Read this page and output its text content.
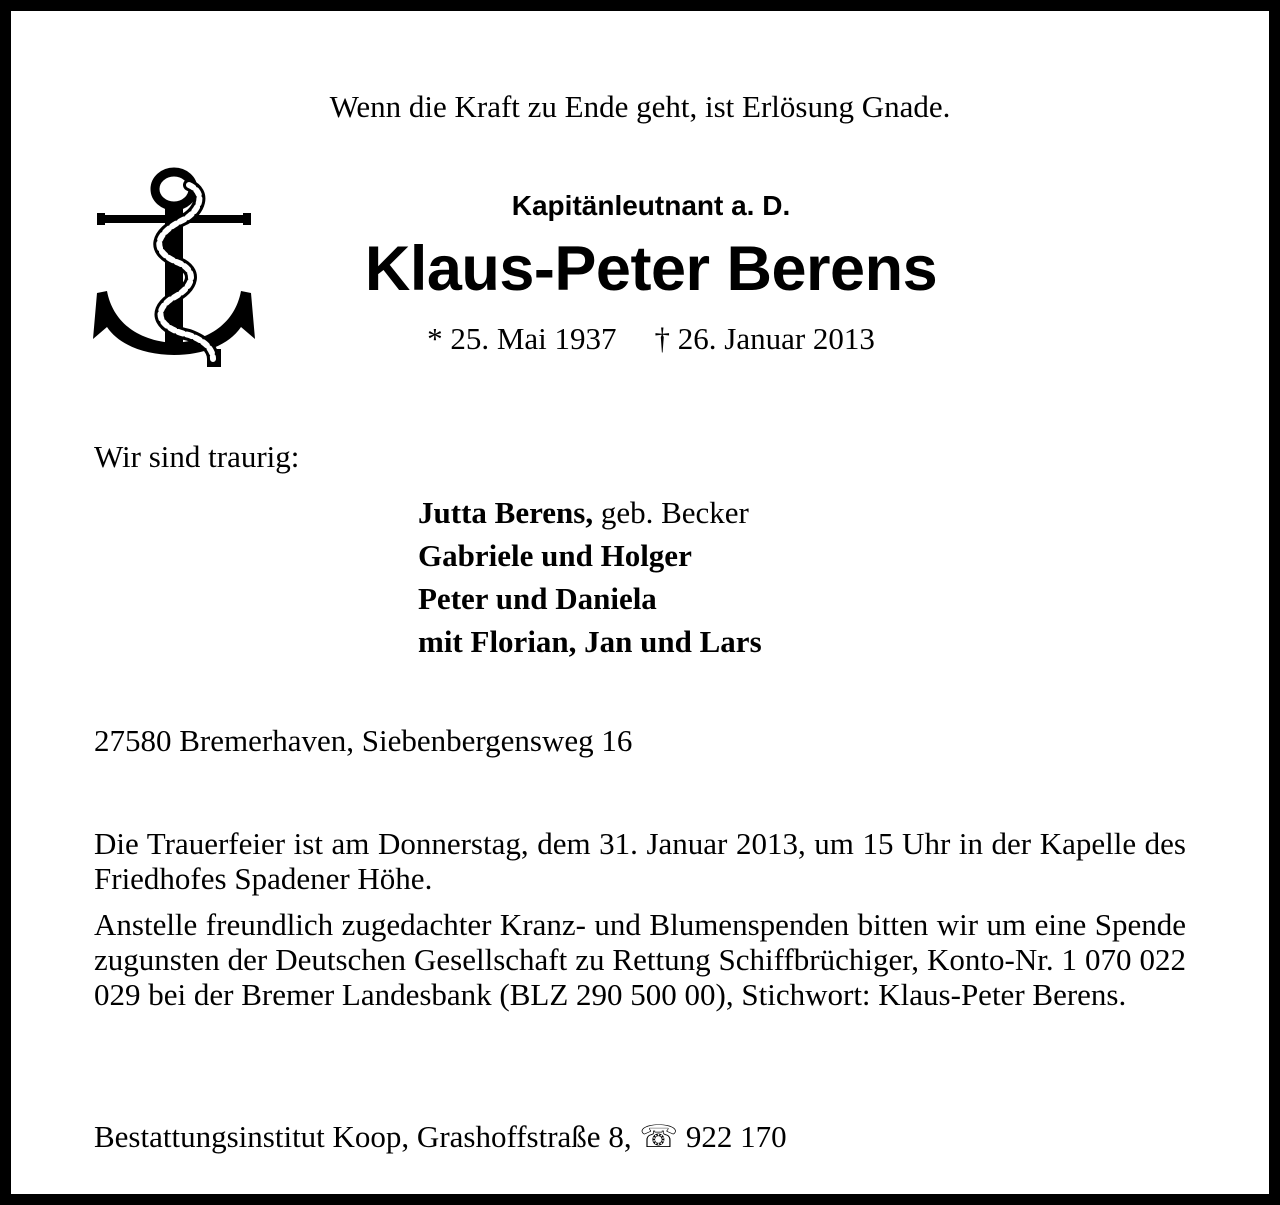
Wenn die Kraft zu Ende geht, ist Erlösung Gnade.
Kapitänleutnant a. D.
Klaus-Peter Berens
* 25. Mai 1937 † 26. Januar 2013
Wir sind traurig:
Jutta Berens, geb. Becker
Gabriele und Holger
Peter und Daniela
mit Florian, Jan und Lars
27580 Bremerhaven, Siebenbergensweg 16
Die Trauerfeier ist am Donnerstag, dem 31. Januar 2013, um 15 Uhr in der Kapelle des Friedhofes Spadener Höhe.
Anstelle freundlich zugedachter Kranz- und Blumenspenden bitten wir um eine Spende zugunsten der Deutschen Gesellschaft zu Rettung Schiffbrüchiger, Konto-Nr. 1 070 022 029 bei der Bremer Landesbank (BLZ 290 500 00), Stichwort: Klaus-Peter Berens.
Bestattungsinstitut Koop, Grashoffstraße 8, ☏ 922 170
